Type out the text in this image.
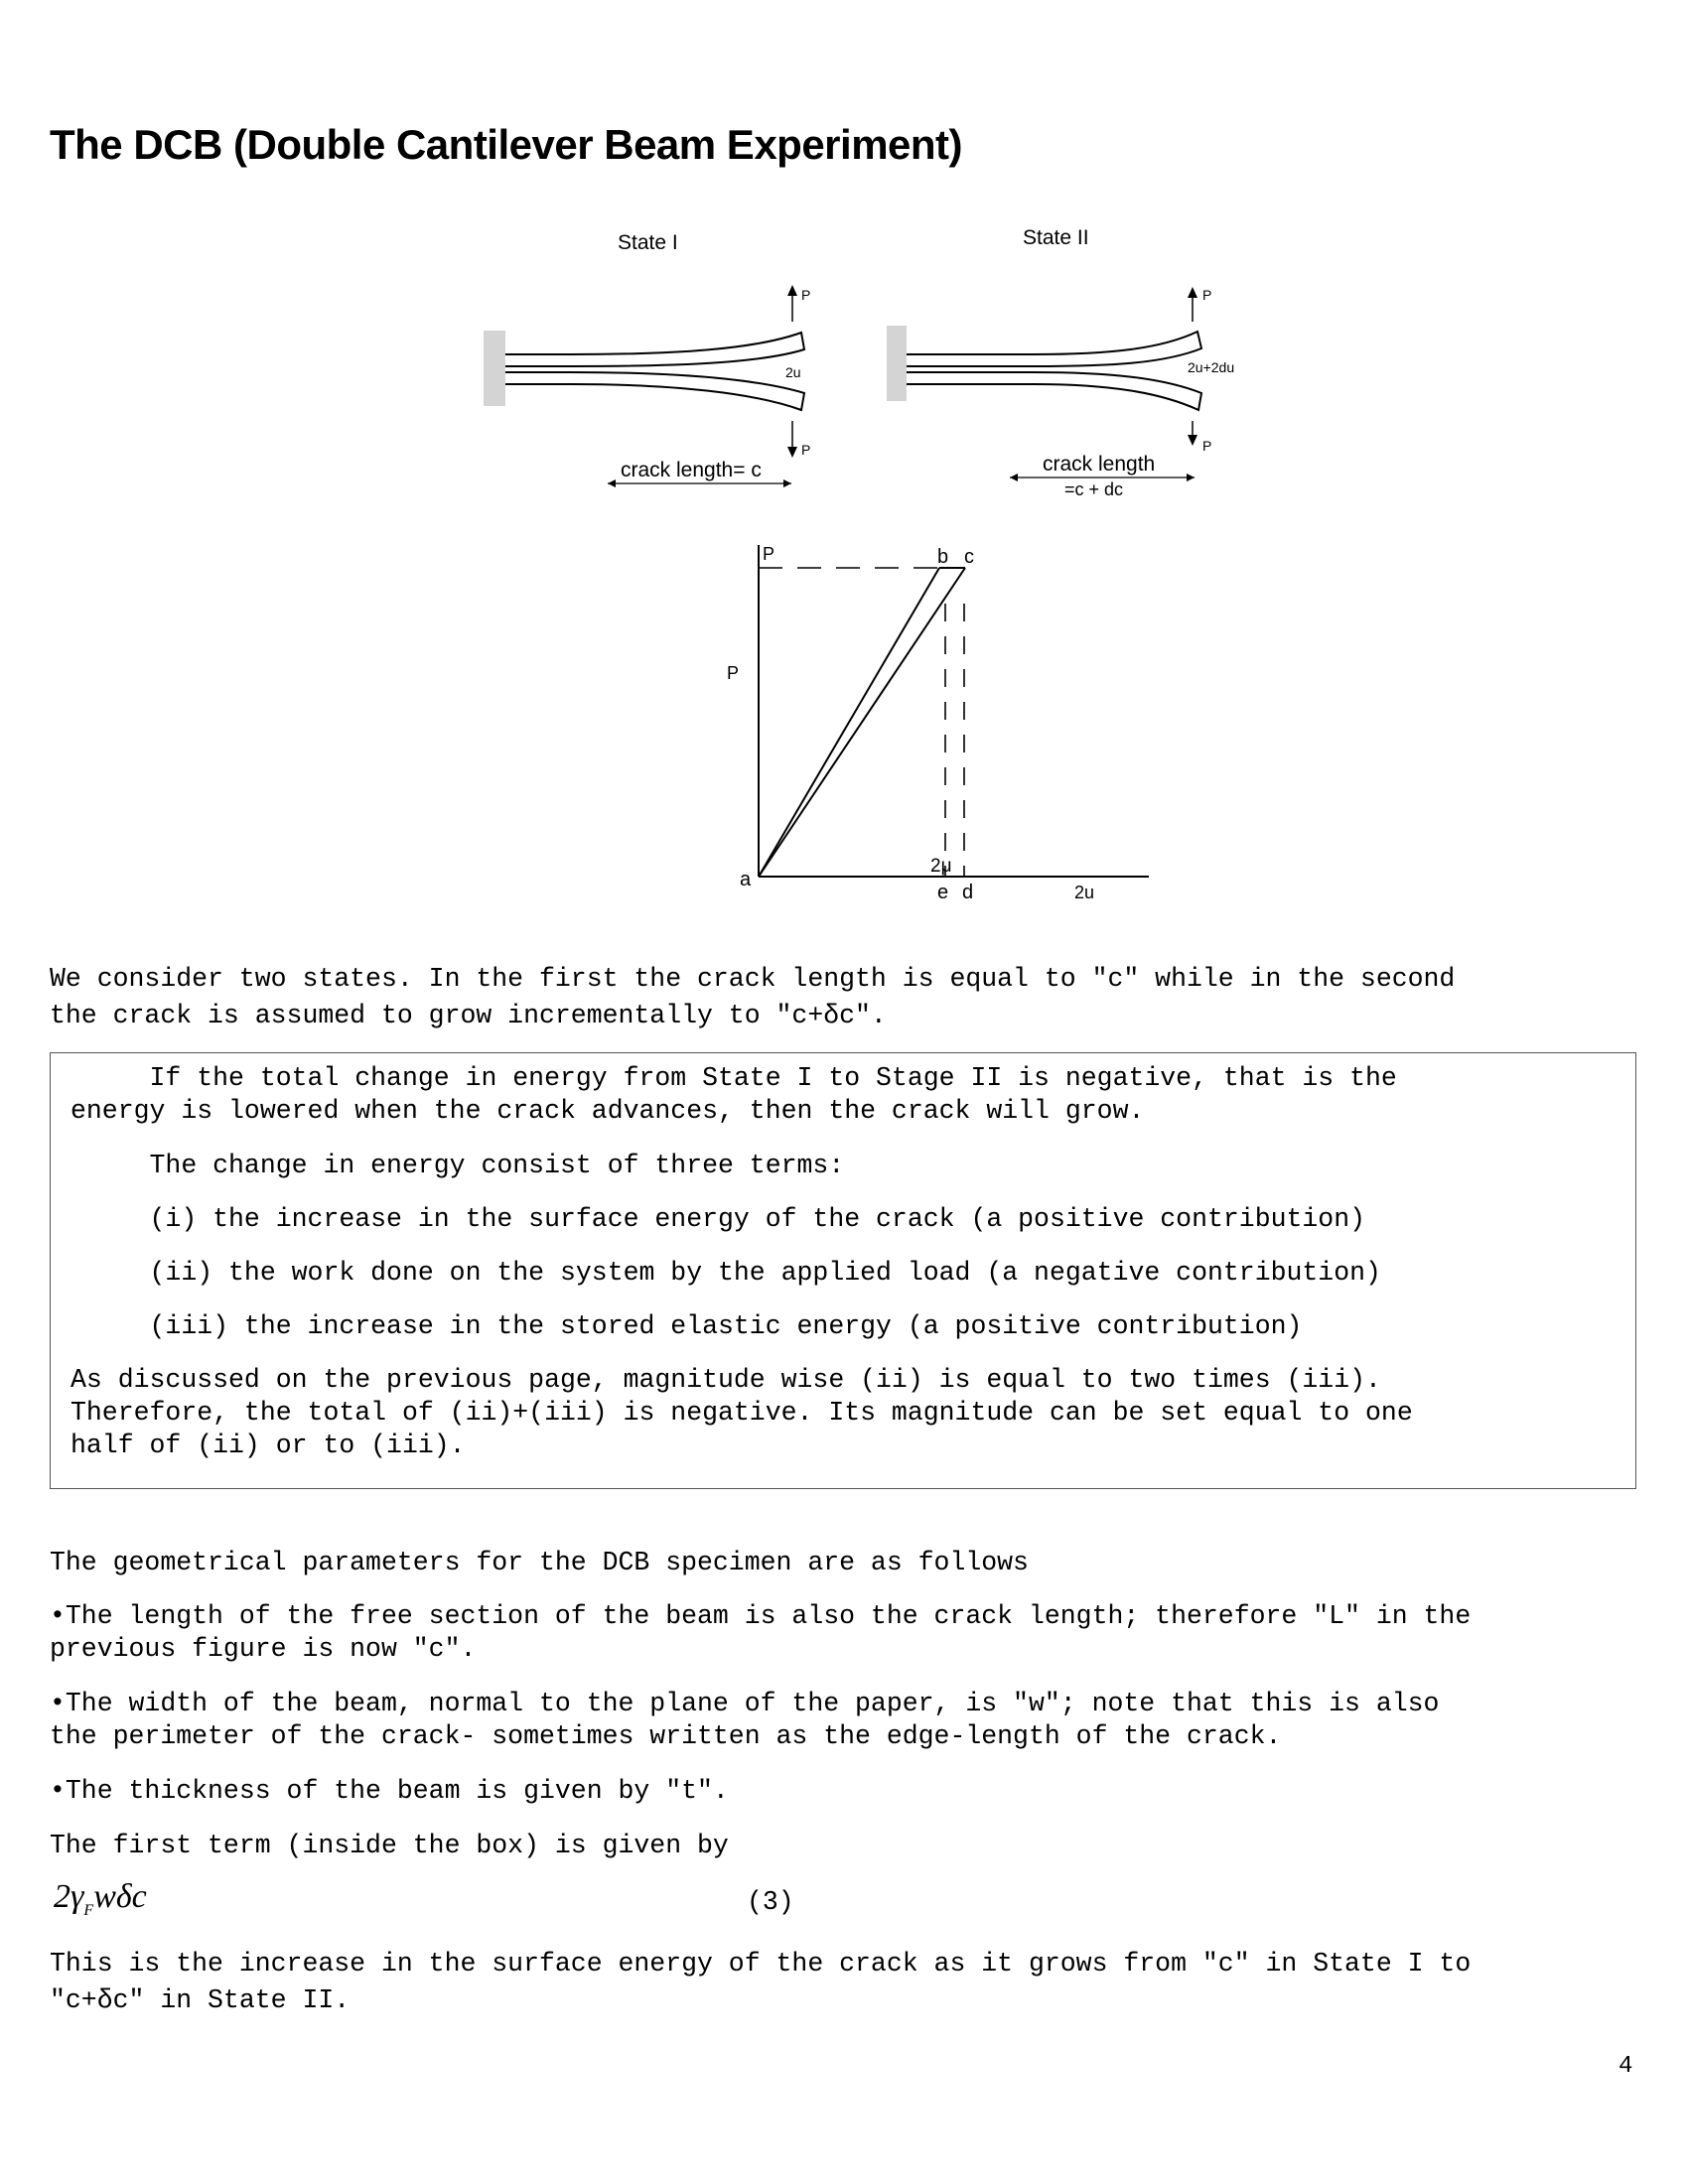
The DCB (Double Cantilever Beam Experiment)
State I
P
P
2u
crack length= c
State II
P
P
2u+2du
crack length
=c + dc
P
P
a
b c
2μ
e d	2u
We consider two states. In the first the crack length is equal to "c" while in the second
the crack is assumed to grow incrementally to "c+δc".
If the total change in energy from State I to Stage II is negative, that is the
energy is lowered when the crack advances, then the crack will grow.
The change in energy consist of three terms:
(i) the increase in the surface energy of the crack (a positive contribution)
(ii) the work done on the system by the applied load (a negative contribution)
(iii) the increase in the stored elastic energy (a positive contribution)
As discussed on the previous page, magnitude wise (ii) is equal to two times (iii).
Therefore, the total of (ii)+(iii) is negative. Its magnitude can be set equal to one
half of (ii) or to (iii).
The geometrical parameters for the DCB specimen are as follows
•The length of the free section of the beam is also the crack length; therefore "L" in the
previous figure is now "c".
•The width of the beam, normal to the plane of the paper, is "w"; note that this is also
the perimeter of the crack- sometimes written as the edge-length of the crack.
•The thickness of the beam is given by "t".
The first term (inside the box) is given by
$2\gamma_Fw\delta c$	(3)
This is the increase in the surface energy of the crack as it grows from "c" in State I to
"c+δc" in State II.
4
